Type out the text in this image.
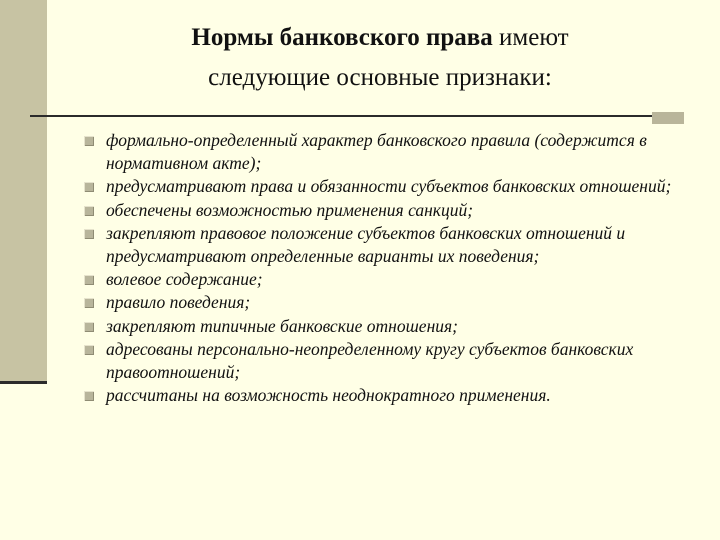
Нормы банковского права имеют
следующие основные признаки:
формально-определенный характер банковского правила (содержится в нормативном акте);
предусматривают права и обязанности субъектов банковских отношений;
обеспечены возможностью применения санкций;
закрепляют правовое положение субъектов банковских отношений и предусматривают определенные варианты их поведения;
волевое содержание;
правило поведения;
закрепляют типичные банковские отношения;
адресованы персонально-неопределенному кругу субъектов банковских правоотношений;
рассчитаны на возможность неоднократного применения.
